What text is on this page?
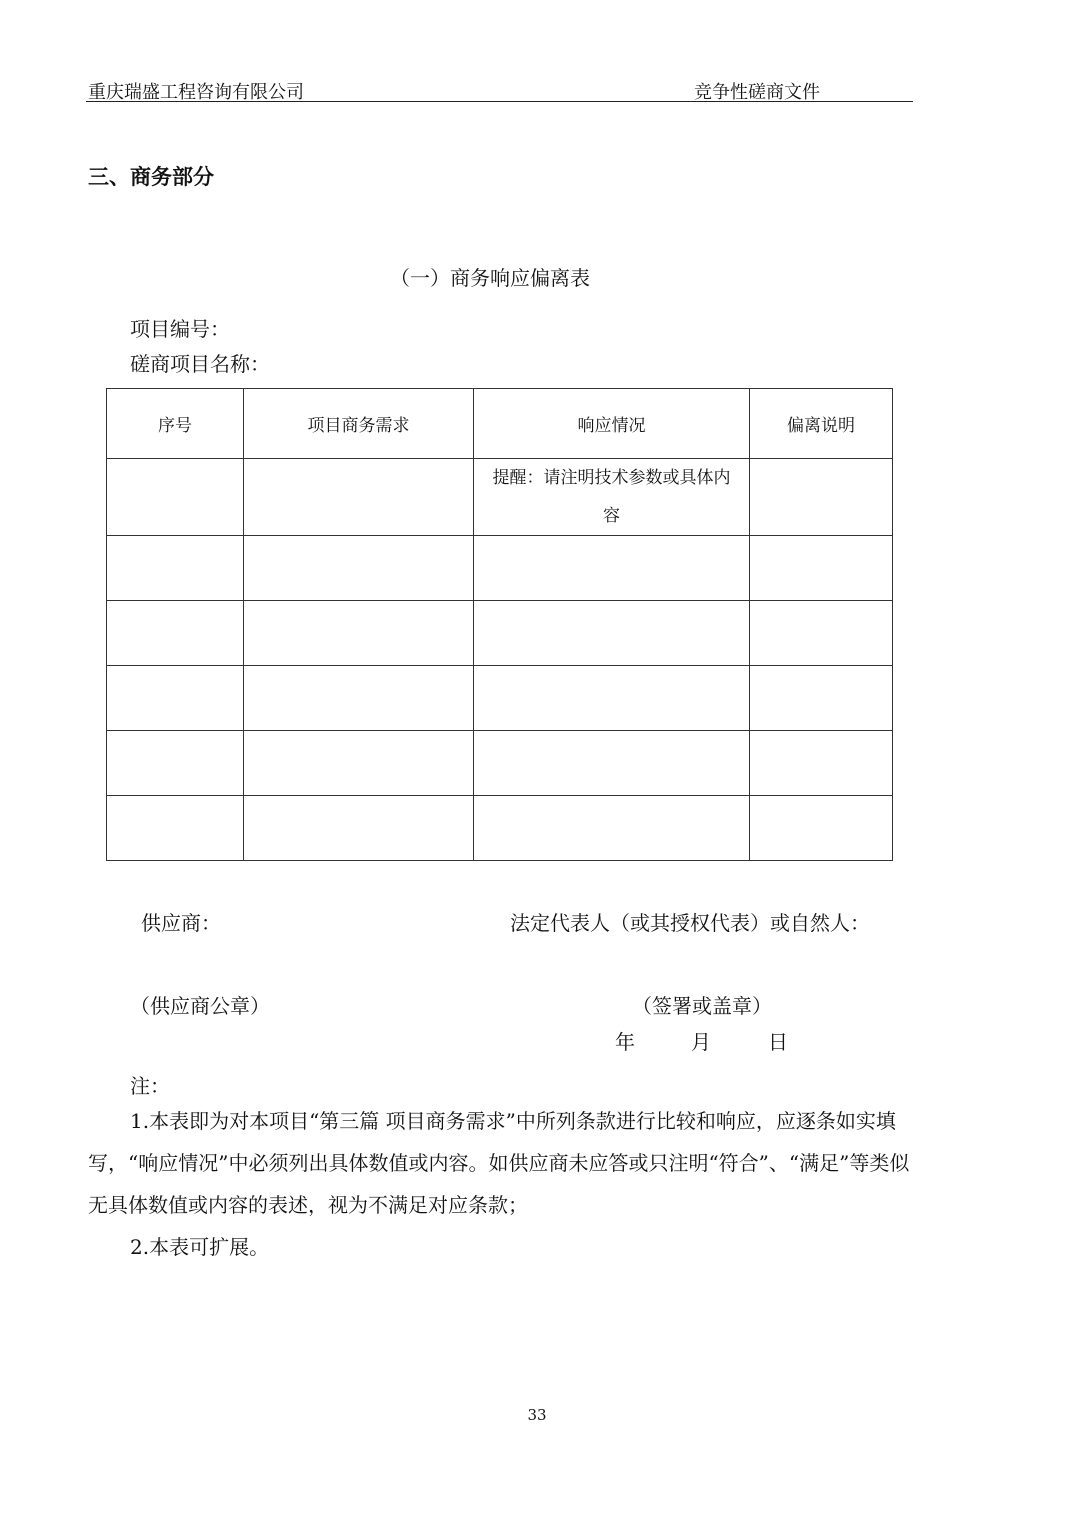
重庆瑞盛工程咨询有限公司	竞争性磋商文件
三、商务部分
（一）商务响应偏离表
项目编号：
磋商项目名称：
序号	项目商务需求	响应情况	偏离说明

		提醒：请注明技术参数或具体内
容	

供应商：	法定代表人（或其授权代表）或自然人：
（供应商公章）	（签署或盖章）
年	月	日
注：
1.本表即为对本项目“第三篇 项目商务需求”中所列条款进行比较和响应，应逐条如实填写，“响应情况”中必须列出具体数值或内容。如供应商未应答或只注明“符合”、“满足”等类似无具体数值或内容的表述，视为不满足对应条款；
2.本表可扩展。
33
